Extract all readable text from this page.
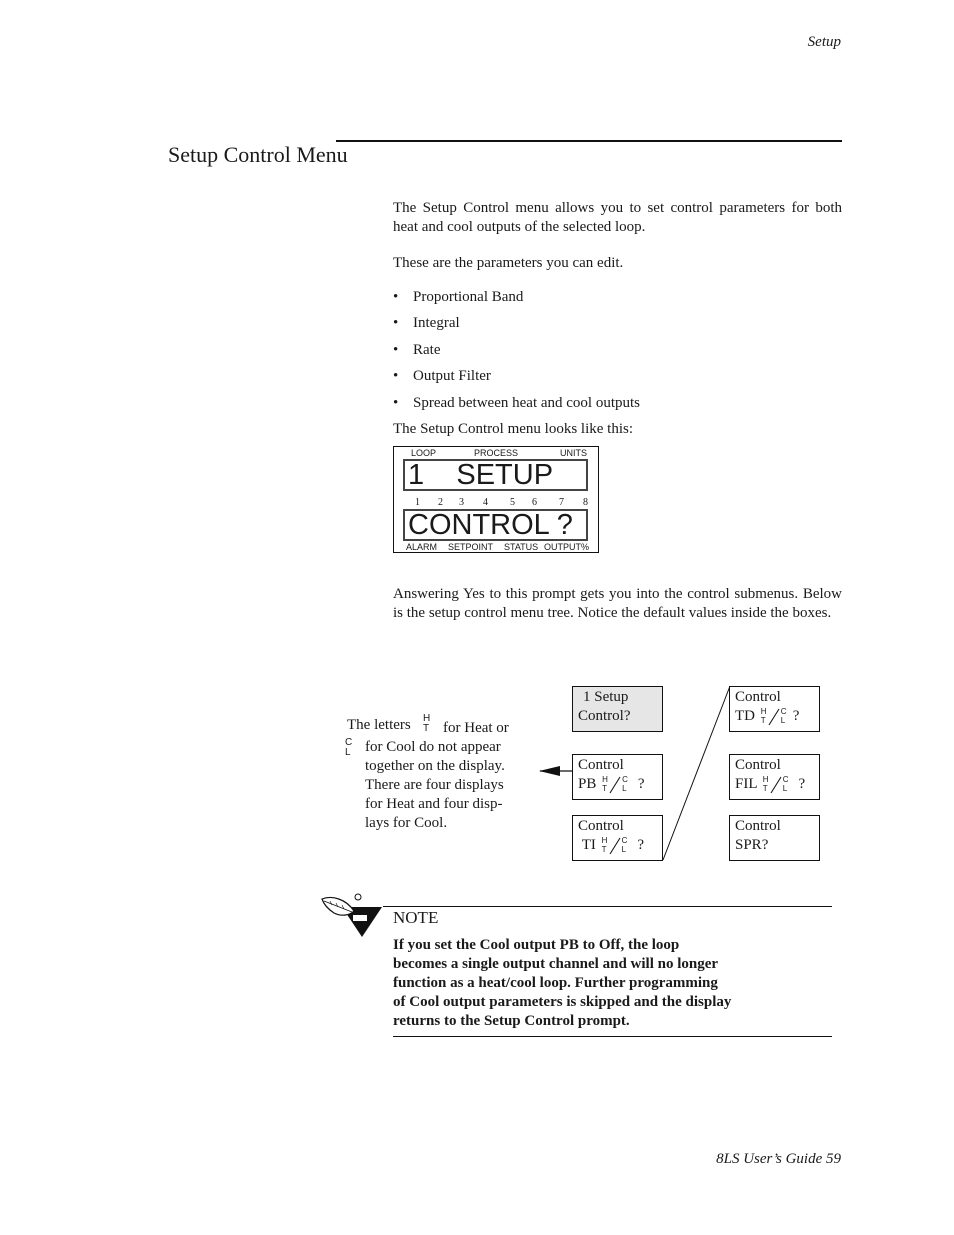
Setup
Setup Control Menu
The Setup Control menu allows you to set control parameters for both heat and cool outputs of the selected loop.
These are the parameters you can edit.
• Proportional Band
• Integral
• Rate
• Output Filter
• Spread between heat and cool outputs
The Setup Control menu looks like this:
LOOP	PROCESS	UNITS
1    SETUP
1 2 3 4 5 6 7 8
CONTROL ?
ALARM SETPOINT STATUS OUTPUT%
Answering Yes to this prompt gets you into the control submenus. Below is the setup control menu tree. Notice the default values inside the boxes.
The letters H
T for Heat or
C
L for Cool do not appear
together on the display.
There are four displays
for Heat and four disp-
lays for Cool.
1 Setup
Control?
Control
PB H
T
C
L ?
Control
TI H
T
C
L ?
Control
TD H
T
C
L ?
Control
FIL H
T
C
L ?
Control
SPR?
NOTE
If you set the Cool output PB to Off, the loop becomes a single output channel and will no longer function as a heat/cool loop. Further programming of Cool output parameters is skipped and the display returns to the Setup Control prompt.
8LS User’s Guide 59
